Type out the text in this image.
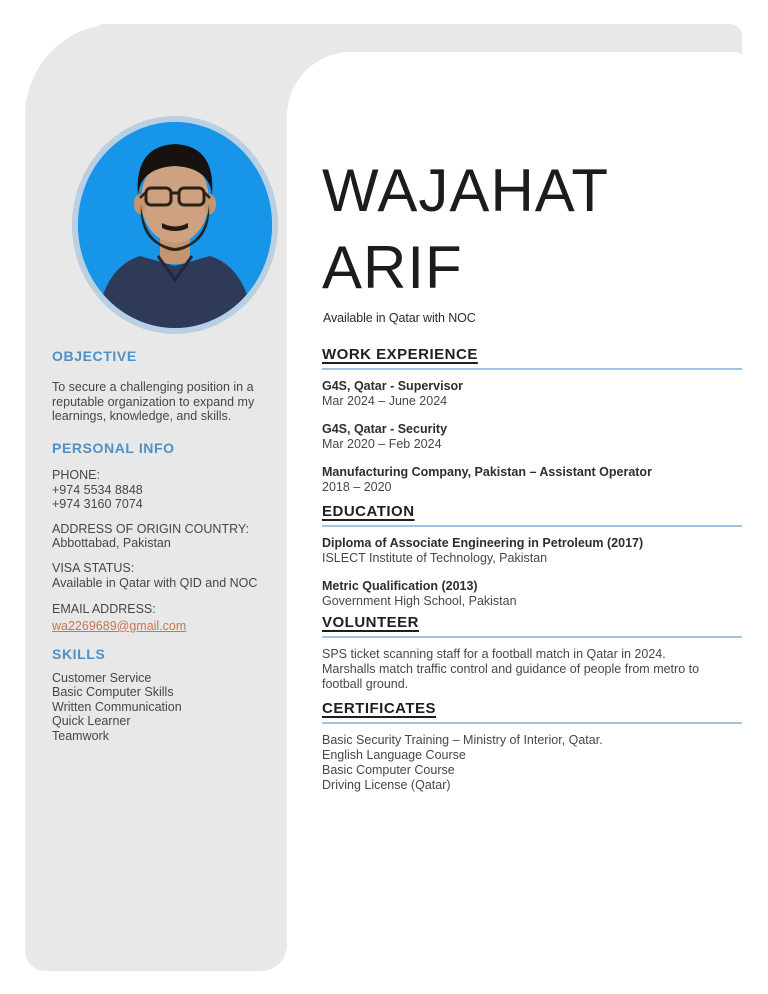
OBJECTIVE
To secure a challenging position in a reputable organization to expand my learnings, knowledge, and skills.
PERSONAL INFO
PHONE:
+974 5534 8848
+974 3160 7074
ADDRESS OF ORIGIN COUNTRY:
Abbottabad, Pakistan
VISA STATUS:
Available in Qatar with QID and NOC
EMAIL ADDRESS:
wa2269689@gmail.com
SKILLS
Customer Service
Basic Computer Skills
Written Communication
Quick Learner
Teamwork
WAJAHAT
ARIF
Available in Qatar with NOC
WORK EXPERIENCE
G4S, Qatar - Supervisor
Mar 2024 – June 2024
G4S, Qatar - Security
Mar 2020 – Feb 2024
Manufacturing Company, Pakistan – Assistant Operator
2018 – 2020
EDUCATION
Diploma of Associate Engineering in Petroleum (2017)
ISLECT Institute of Technology, Pakistan
Metric Qualification (2013)
Government High School, Pakistan
VOLUNTEER
SPS ticket scanning staff for a football match in Qatar in 2024.
Marshalls match traffic control and guidance of people from metro to football ground.
CERTIFICATES
Basic Security Training – Ministry of Interior, Qatar.
English Language Course
Basic Computer Course
Driving License (Qatar)
